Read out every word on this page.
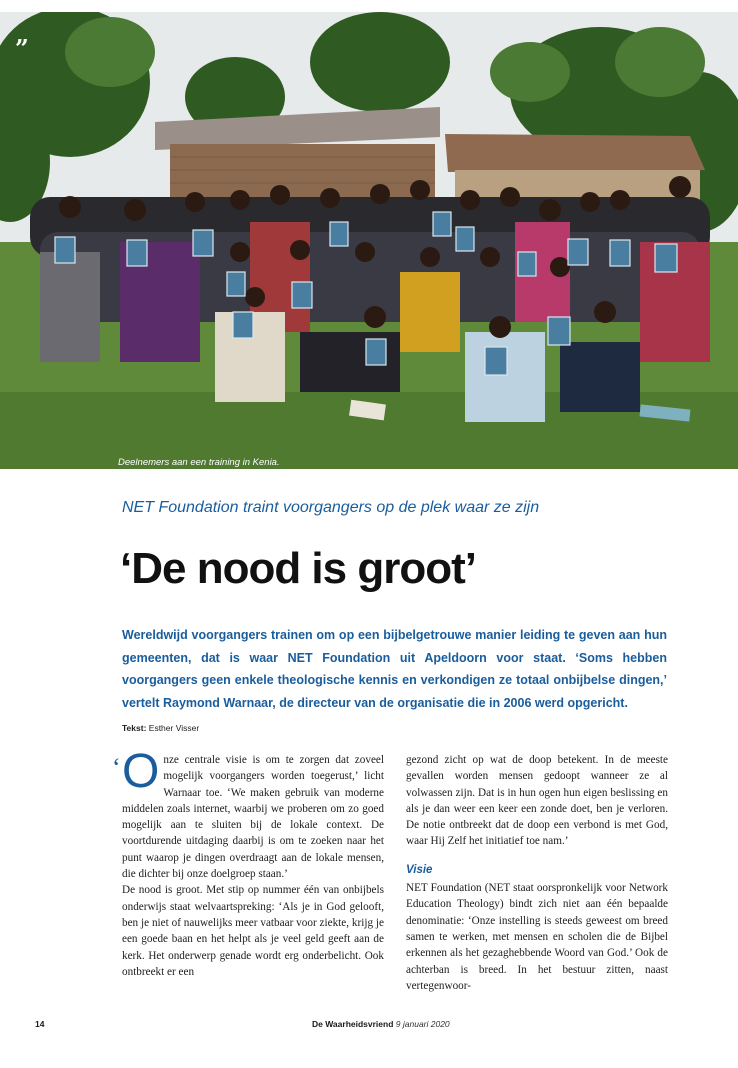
”
Deelnemers aan een training in Kenia.
NET Foundation traint voorgangers op de plek waar ze zijn
‘De nood is groot’

Wereldwijd voorgangers trainen om op een bijbelgetrouwe manier leiding te geven aan hun gemeenten, dat is waar NET Foundation uit Apeldoorn voor staat. ‘Soms hebben voorgangers geen enkele theologische kennis en verkondigen ze totaal onbijbelse dingen,’ vertelt Raymond Warnaar, de directeur van de organisatie die in 2006 werd opgericht.

Tekst: Esther Visser

‘ O nze centrale visie is om te zorgen dat zoveel mogelijk voorgangers worden toegerust,’ licht Warnaar toe. ‘We maken gebruik van moderne middelen zoals internet, waarbij we proberen om zo goed mogelijk aan te sluiten bij de lokale context. De voortdurende uitdaging daarbij is om te zoeken naar het punt waarop je dingen overdraagt aan de lokale mensen, die dichter bij onze doelgroep staan.’

De nood is groot. Met stip op nummer één van onbijbels onderwijs staat welvaartspreking: ‘Als je in God gelooft, ben je niet of nauwelijks meer vatbaar voor ziekte, krijg je een goede baan en het helpt als je veel geld geeft aan de kerk. Het onderwerp genade wordt erg onderbelicht. Ook ontbreekt er een

gezond zicht op wat de doop betekent. In de meeste gevallen worden mensen gedoopt wanneer ze al volwassen zijn. Dat is in hun ogen hun eigen beslissing en als je dan weer een keer een zonde doet, ben je verloren. De notie ontbreekt dat de doop een verbond is met God, waar Hij Zelf het initiatief toe nam.’

Visie

NET Foundation (NET staat oorspronkelijk voor Network Education Theology) bindt zich niet aan één bepaalde denominatie: ‘Onze instelling is steeds geweest om breed samen te werken, met mensen en scholen die de Bijbel erkennen als het gezaghebbende Woord van God.’ Ook de achterban is breed. In het bestuur zitten, naast vertegenwoor-

14	De Waarheidsvriend 9 januari 2020
